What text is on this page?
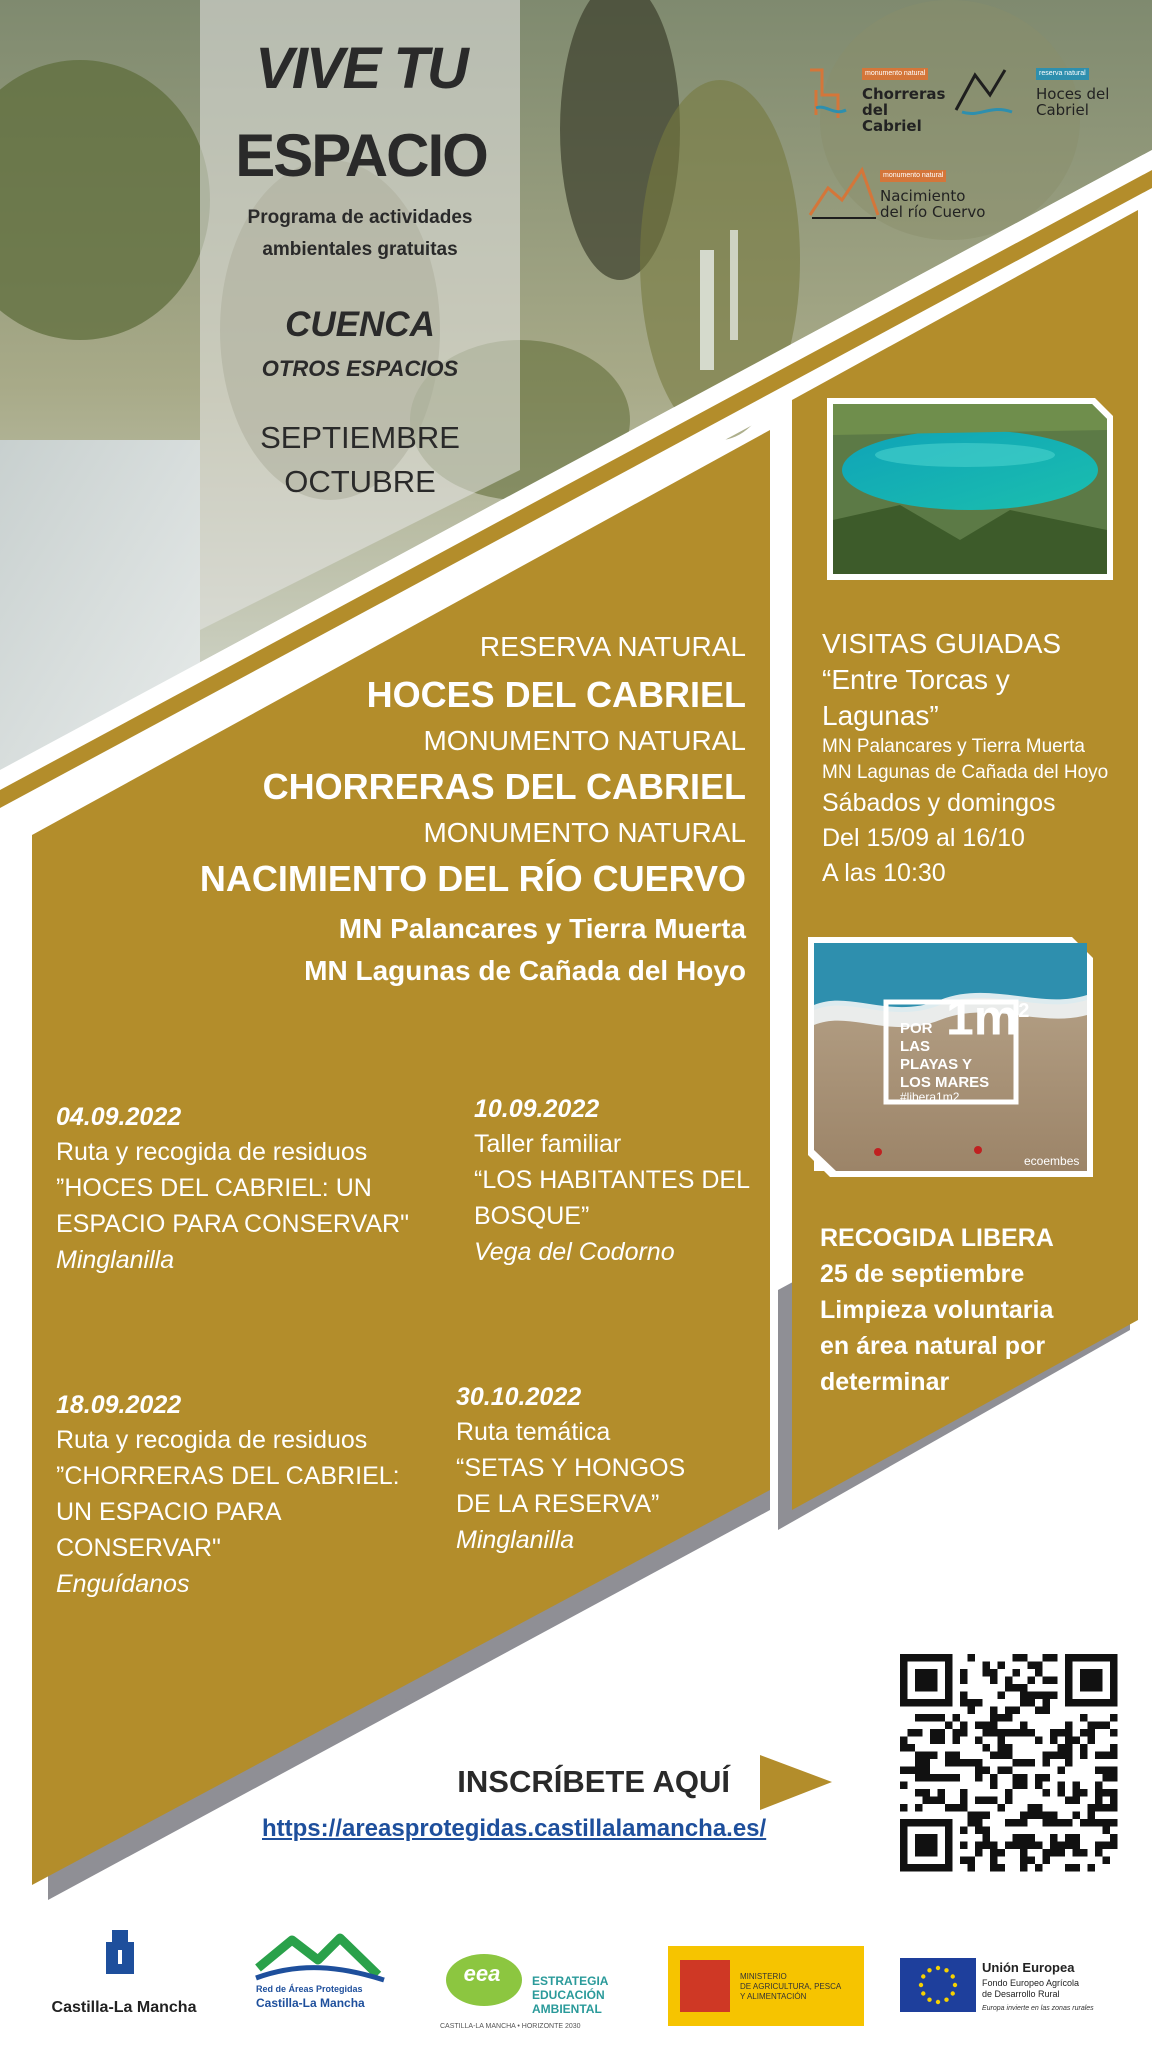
VIVE TU
ESPACIO
Programa de actividades
ambientales gratuitas
CUENCA
OTROS ESPACIOS
SEPTIEMBRE
OCTUBRE
monumento natural
Chorreras del Cabriel
reserva natural
Hoces del Cabriel
monumento natural
Nacimiento del río Cuervo
RESERVA NATURAL
HOCES DEL CABRIEL
MONUMENTO NATURAL
CHORRERAS DEL CABRIEL
MONUMENTO NATURAL
NACIMIENTO DEL RÍO CUERVO
MN Palancares y Tierra Muerta
MN Lagunas de Cañada del Hoyo
04.09.2022
Ruta y recogida de residuos
”HOCES DEL CABRIEL: UN
ESPACIO PARA CONSERVAR"
Minglanilla
10.09.2022
Taller familiar
“LOS HABITANTES DEL
BOSQUE”
Vega del Codorno
18.09.2022
Ruta y recogida de residuos
”CHORRERAS DEL CABRIEL:
UN ESPACIO PARA
CONSERVAR"
Enguídanos
30.10.2022
Ruta temática
“SETAS Y HONGOS
DE LA RESERVA”
Minglanilla
VISITAS GUIADAS
“Entre Torcas y
Lagunas”
MN Palancares y Tierra Muerta
MN Lagunas de Cañada del Hoyo
Sábados y domingos
Del 15/09 al 16/10
A las 10:30
$1m^2$
POR
LAS
PLAYAS Y
LOS MARES
#libera1m2
ecoembes
RECOGIDA LIBERA
25 de septiembre
Limpieza voluntaria
en área natural por
determinar
INSCRÍBETE AQUÍ
https://areasprotegidas.castillalamancha.es/
Castilla-La Mancha
Red de Áreas Protegidas
Castilla-La Mancha
eea	ESTRATEGIA
EDUCACIÓN
AMBIENTAL
CASTILLA-LA MANCHA • HORIZONTE 2030
MINISTERIO
DE AGRICULTURA, PESCA
Y ALIMENTACIÓN
Unión Europea
Fondo Europeo Agrícola
de Desarrollo Rural
Europa invierte en las zonas rurales
